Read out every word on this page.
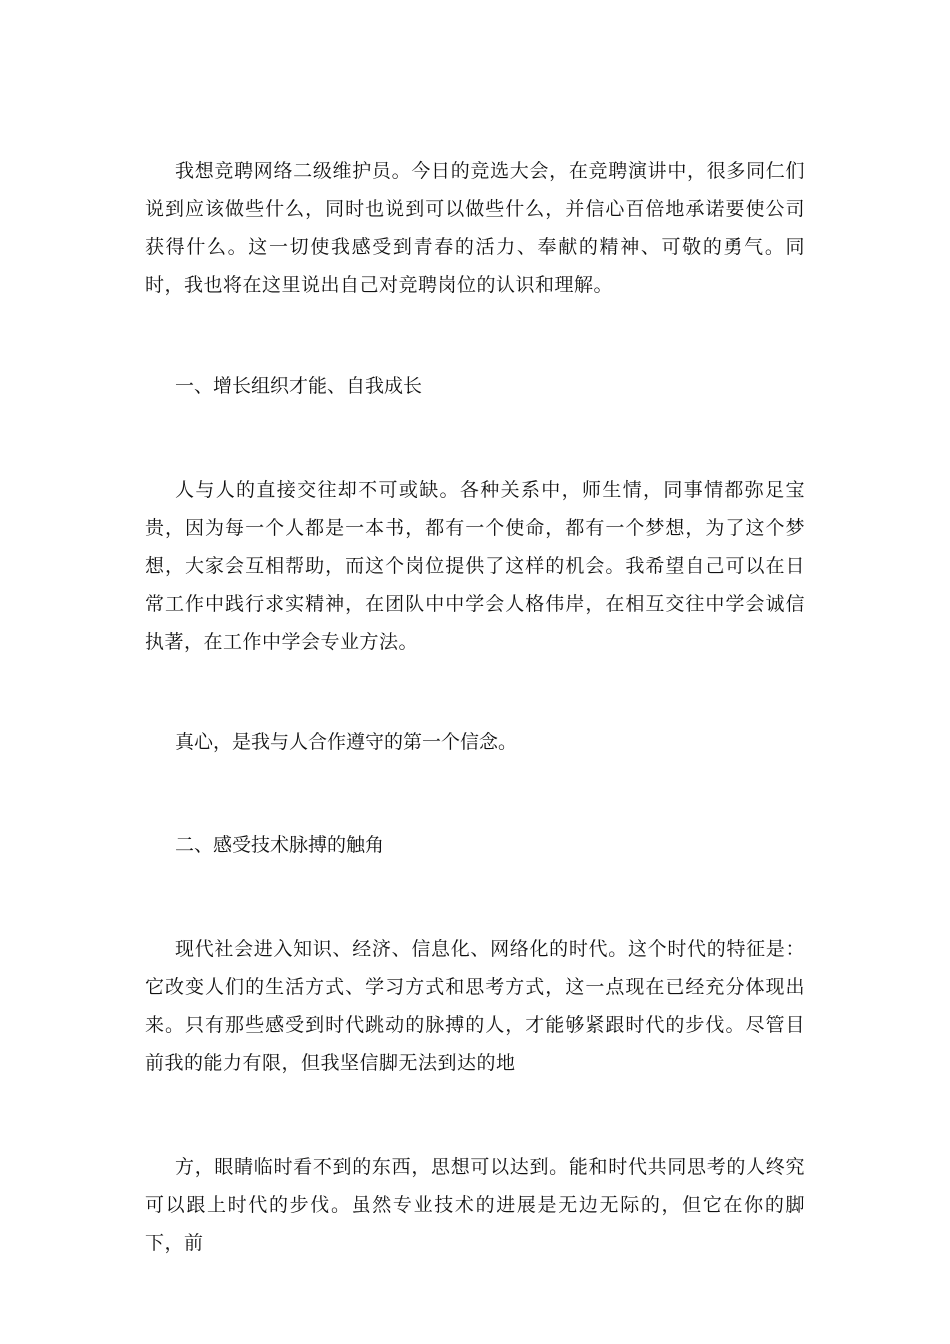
我想竞聘网络二级维护员。今日的竞选大会，在竞聘演讲中，很多同仁们说到应该做些什么，同时也说到可以做些什么，并信心百倍地承诺要使公司获得什么。这一切使我感受到青春的活力、奉献的精神、可敬的勇气。同时，我也将在这里说出自己对竞聘岗位的认识和理解。

一、增长组织才能、自我成长

人与人的直接交往却不可或缺。各种关系中，师生情，同事情都弥足宝贵，因为每一个人都是一本书，都有一个使命，都有一个梦想，为了这个梦想，大家会互相帮助，而这个岗位提供了这样的机会。我希望自己可以在日常工作中践行求实精神，在团队中中学会人格伟岸，在相互交往中学会诚信执著，在工作中学会专业方法。

真心，是我与人合作遵守的第一个信念。

二、感受技术脉搏的触角

现代社会进入知识、经济、信息化、网络化的时代。这个时代的特征是：它改变人们的生活方式、学习方式和思考方式，这一点现在已经充分体现出来。只有那些感受到时代跳动的脉搏的人，才能够紧跟时代的步伐。尽管目前我的能力有限，但我坚信脚无法到达的地

方，眼睛临时看不到的东西，思想可以达到。能和时代共同思考的人终究可以跟上时代的步伐。虽然专业技术的进展是无边无际的，但它在你的脚下，前
